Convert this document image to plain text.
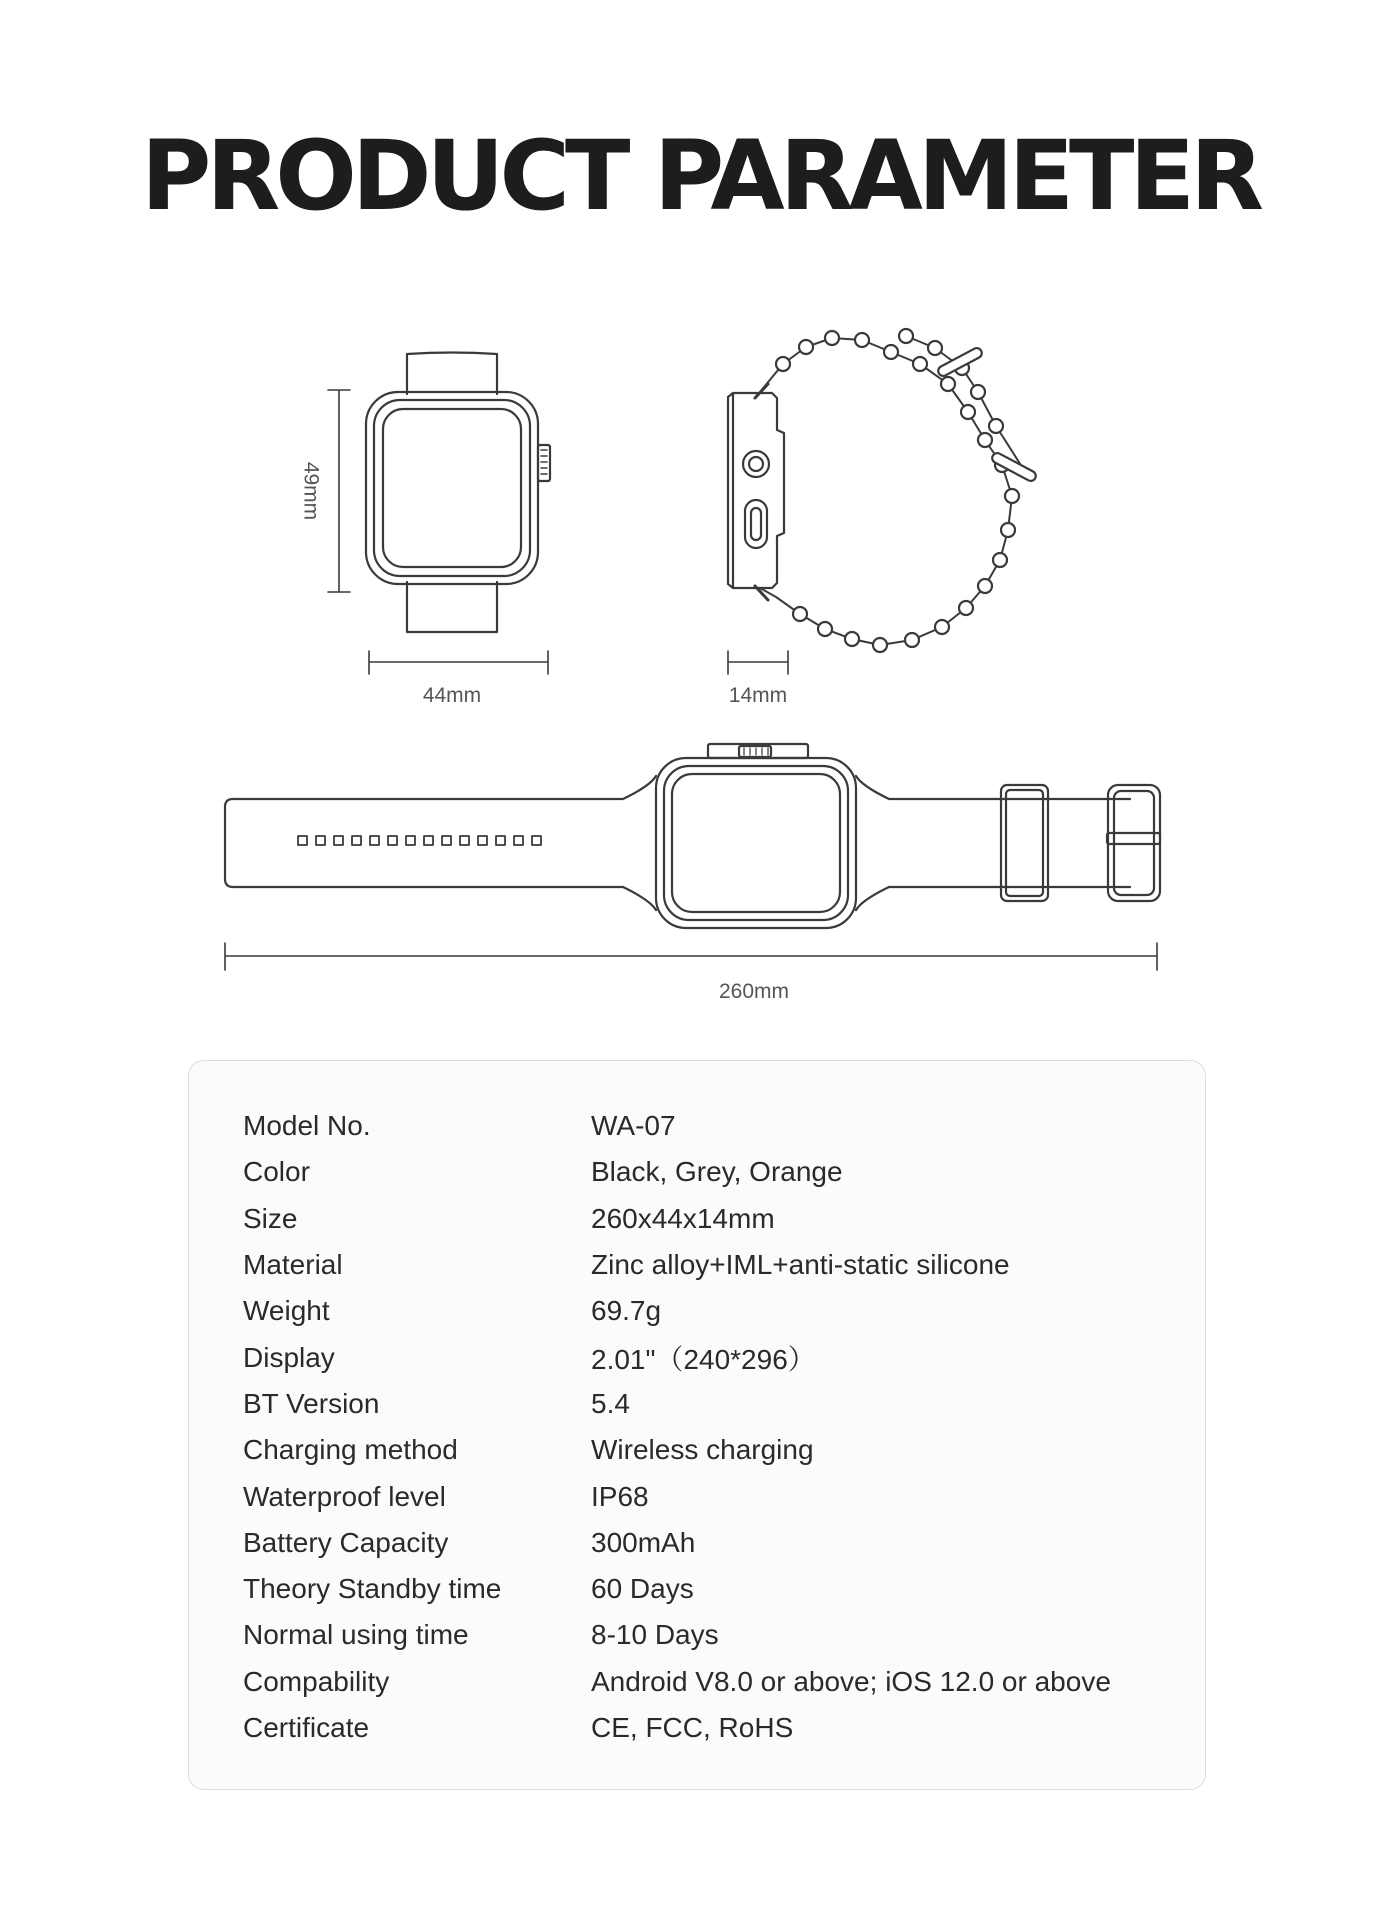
PRODUCT PARAMETER
49mm
44mm	14mm
260mm
Model No.	WA-07
Color	Black, Grey, Orange
Size	260x44x14mm
Material	Zinc alloy+IML+anti-static silicone
Weight	69.7g
Display	2.01"（240*296）
BT Version	5.4
Charging method	Wireless charging
Waterproof level	IP68
Battery Capacity	300mAh
Theory Standby time	60 Days
Normal using time	8-10 Days
Compability	Android V8.0 or above; iOS 12.0 or above
Certificate	CE, FCC, RoHS
